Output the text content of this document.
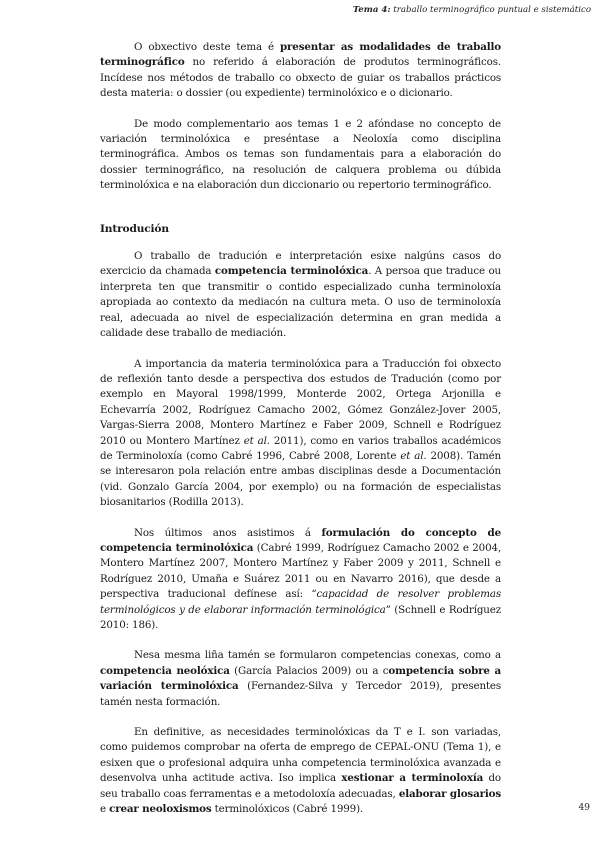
Tema 4: traballo terminográfico puntual e sistemático

O obxectivo deste tema é presentar as modalidades de traballo terminográfico no referido á elaboración de produtos terminográficos. Incídese nos métodos de traballo co obxecto de guiar os traballos prácticos desta materia: o dossier (ou expediente) terminolóxico e o dicionario.

De modo complementario aos temas 1 e 2 afóndase no concepto de variación terminolóxica e preséntase a Neoloxía como disciplina terminográfica. Ambos os temas son fundamentais para a elaboración do dossier terminográfico, na resolución de calquera problema ou dúbida terminolóxica e na elaboración dun diccionario ou repertorio terminográfico.

Introdución

O traballo de tradución e interpretación esixe nalgúns casos do exercicio da chamada competencia terminolóxica. A persoa que traduce ou interpreta ten que transmitir o contido especializado cunha terminoloxía apropiada ao contexto da mediacón na cultura meta. O uso de terminoloxía real, adecuada ao nivel de especialización determina en gran medida a calidade dese traballo de mediación.

A importancia da materia terminolóxica para a Traducción foi obxecto de reflexión tanto desde a perspectiva dos estudos de Tradución (como por exemplo en Mayoral 1998/1999, Monterde 2002, Ortega Arjonilla e Echevarría 2002, Rodríguez Camacho 2002, Gómez González-Jover 2005, Vargas-Sierra 2008, Montero Martínez e Faber 2009, Schnell e Rodríguez 2010 ou Montero Martínez et al. 2011), como en varios traballos académicos de Terminoloxía (como Cabré 1996, Cabré 2008, Lorente et al. 2008). Tamén se interesaron pola relación entre ambas disciplinas desde a Documentación (vid. Gonzalo García 2004, por exemplo) ou na formación de especialistas biosanitarios (Rodilla 2013).

Nos últimos anos asistimos á formulación do concepto de competencia terminolóxica (Cabré 1999, Rodríguez Camacho 2002 e 2004, Montero Martínez 2007, Montero Martínez y Faber 2009 y 2011, Schnell e Rodríguez 2010, Umaña e Suárez 2011 ou en Navarro 2016), que desde a perspectiva traducional defínese así: “capacidad de resolver problemas terminológicos y de elaborar información terminológica” (Schnell e Rodríguez 2010: 186).

Nesa mesma liña tamén se formularon competencias conexas, como a competencia neolóxica (García Palacios 2009) ou a competencia sobre a variación terminolóxica (Fernandez-Silva y Tercedor 2019), presentes tamén nesta formación.

En definitive, as necesidades terminolóxicas da T e I. son variadas, como puidemos comprobar na oferta de emprego de CEPAL-ONU (Tema 1), e esixen que o profesional adquira unha competencia terminolóxica avanzada e desenvolva unha actitude activa. Iso implica xestionar a terminoloxía do seu traballo coas ferramentas e a metodoloxía adecuadas, elaborar glosarios e crear neoloxismos terminolóxicos (Cabré 1999).	49
